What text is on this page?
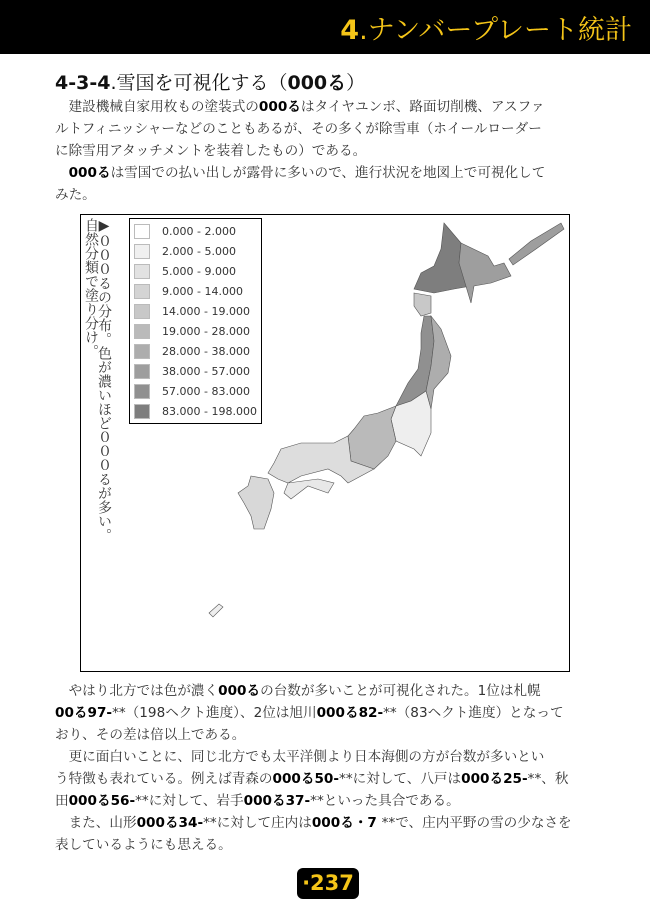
4.ナンバープレート統計
4-3-4.雪国を可視化する（000る）
　建設機械自家用枚もの塗装式の000るはタイヤユンボ、路面切削機、アスファ
ルトフィニッシャーなどのこともあるが、その多くが除雪車（ホイールローダー
に除雪用アタッチメントを装着したもの）である。
　000るは雪国での払い出しが露骨に多いので、進行状況を地図上で可視化して
みた。
▶０００るの分布。色が濃いほど０００るが多い。
自然分類で塗り分け。	0.000 - 2.000
2.000 - 5.000
5.000 - 9.000
9.000 - 14.000
14.000 - 19.000
19.000 - 28.000
28.000 - 38.000
38.000 - 57.000
57.000 - 83.000
83.000 - 198.000
　やはり北方では色が濃く000るの台数が多いことが可視化された。1位は札幌
00る97-**（198ヘクト進度）、2位は旭川000る82-**（83ヘクト進度）となって
おり、その差は倍以上である。
　更に面白いことに、同じ北方でも太平洋側より日本海側の方が台数が多いとい
う特徴も表れている。例えば青森の000る50-**に対して、八戸は000る25-**、秋
田000る56-**に対して、岩手000る37-**といった具合である。
　また、山形000る34-**に対して庄内は000る・7 **で、庄内平野の雪の少なさを
表しているようにも思える。
·237
